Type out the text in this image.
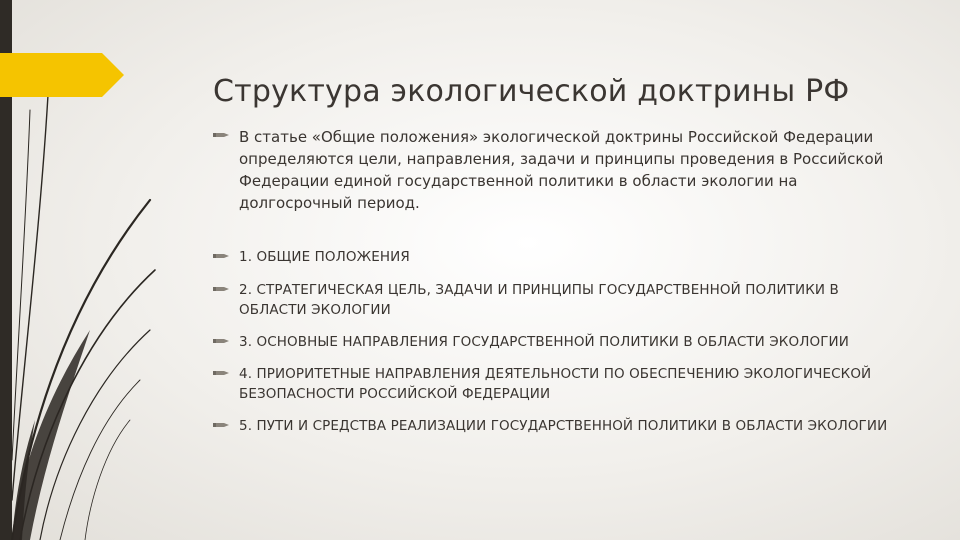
Структура экологической доктрины РФ
В статье «Общие положения» экологической доктрины Российской Федерации определяются цели, направления, задачи и принципы проведения в Российской Федерации единой государственной политики в области экологии на долгосрочный период.
1. ОБЩИЕ ПОЛОЖЕНИЯ
2. СТРАТЕГИЧЕСКАЯ ЦЕЛЬ, ЗАДАЧИ И ПРИНЦИПЫ ГОСУДАРСТВЕННОЙ ПОЛИТИКИ В ОБЛАСТИ ЭКОЛОГИИ
3. ОСНОВНЫЕ НАПРАВЛЕНИЯ ГОСУДАРСТВЕННОЙ ПОЛИТИКИ В ОБЛАСТИ ЭКОЛОГИИ
4. ПРИОРИТЕТНЫЕ НАПРАВЛЕНИЯ ДЕЯТЕЛЬНОСТИ ПО ОБЕСПЕЧЕНИЮ ЭКОЛОГИЧЕСКОЙ БЕЗОПАСНОСТИ РОССИЙСКОЙ ФЕДЕРАЦИИ
5. ПУТИ И СРЕДСТВА РЕАЛИЗАЦИИ ГОСУДАРСТВЕННОЙ ПОЛИТИКИ В ОБЛАСТИ ЭКОЛОГИИ
